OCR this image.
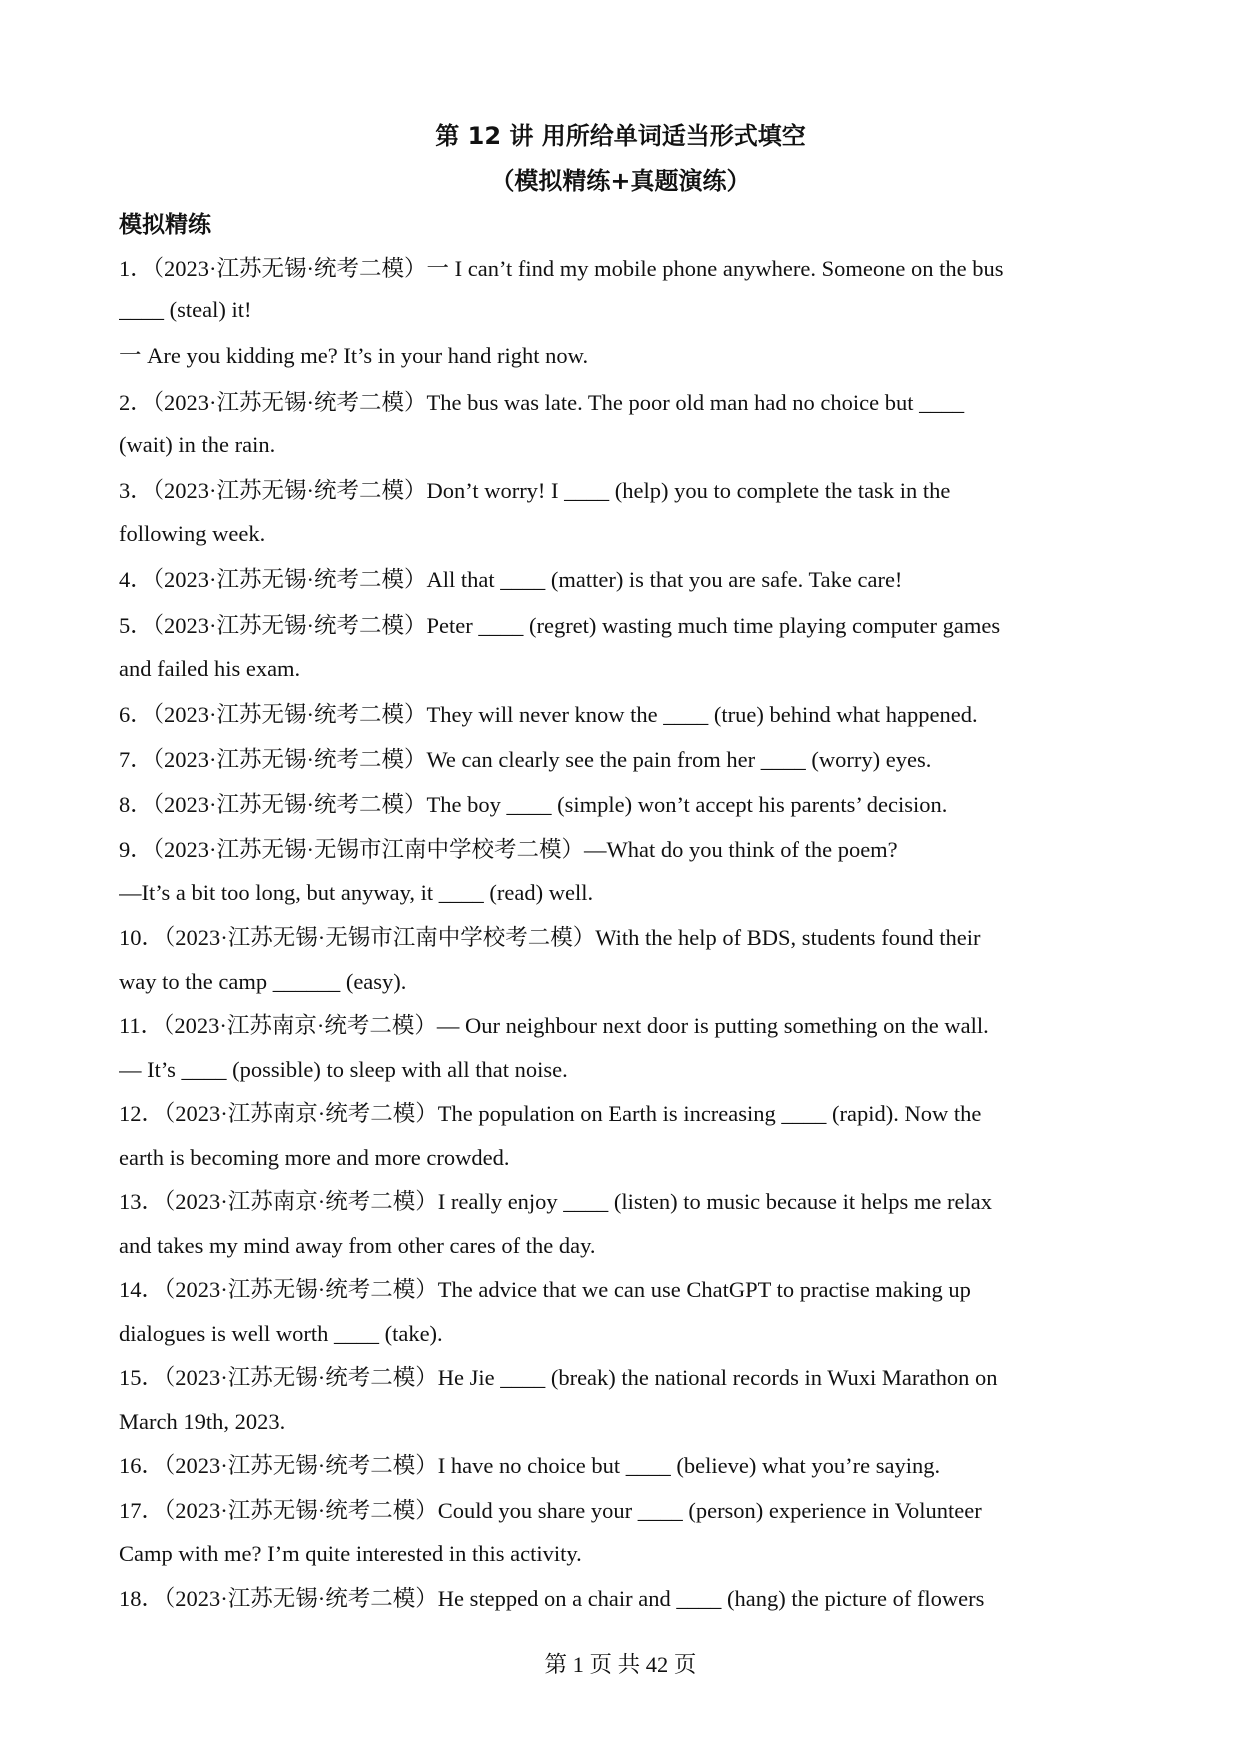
第 12 讲 用所给单词适当形式填空
（模拟精练+真题演练）
模拟精练
1．（2023·江苏无锡·统考二模）一 I can’t find my mobile phone anywhere. Someone on the bus
____ (steal) it!
一 Are you kidding me? It’s in your hand right now.
2．（2023·江苏无锡·统考二模）The bus was late. The poor old man had no choice but ____
(wait) in the rain.
3．（2023·江苏无锡·统考二模）Don’t worry! I ____ (help) you to complete the task in the
following week.
4．（2023·江苏无锡·统考二模）All that ____ (matter) is that you are safe. Take care!
5．（2023·江苏无锡·统考二模）Peter ____ (regret) wasting much time playing computer games
and failed his exam.
6．（2023·江苏无锡·统考二模）They will never know the ____ (true) behind what happened.
7．（2023·江苏无锡·统考二模）We can clearly see the pain from her ____ (worry) eyes.
8．（2023·江苏无锡·统考二模）The boy ____ (simple) won’t accept his parents’ decision.
9．（2023·江苏无锡·无锡市江南中学校考二模）—What do you think of the poem?
—It’s a bit too long, but anyway, it ____ (read) well.
10．（2023·江苏无锡·无锡市江南中学校考二模）With the help of BDS, students found their
way to the camp ______ (easy).
11．（2023·江苏南京·统考二模）— Our neighbour next door is putting something on the wall.
— It’s ____ (possible) to sleep with all that noise.
12．（2023·江苏南京·统考二模）The population on Earth is increasing ____ (rapid). Now the
earth is becoming more and more crowded.
13．（2023·江苏南京·统考二模）I really enjoy ____ (listen) to music because it helps me relax
and takes my mind away from other cares of the day.
14．（2023·江苏无锡·统考二模）The advice that we can use ChatGPT to practise making up
dialogues is well worth ____ (take).
15．（2023·江苏无锡·统考二模）He Jie ____ (break) the national records in Wuxi Marathon on
March 19th, 2023.
16．（2023·江苏无锡·统考二模）I have no choice but ____ (believe) what you’re saying.
17．（2023·江苏无锡·统考二模）Could you share your ____ (person) experience in Volunteer
Camp with me? I’m quite interested in this activity.
18．（2023·江苏无锡·统考二模）He stepped on a chair and ____ (hang) the picture of flowers
第 1 页 共 42 页
